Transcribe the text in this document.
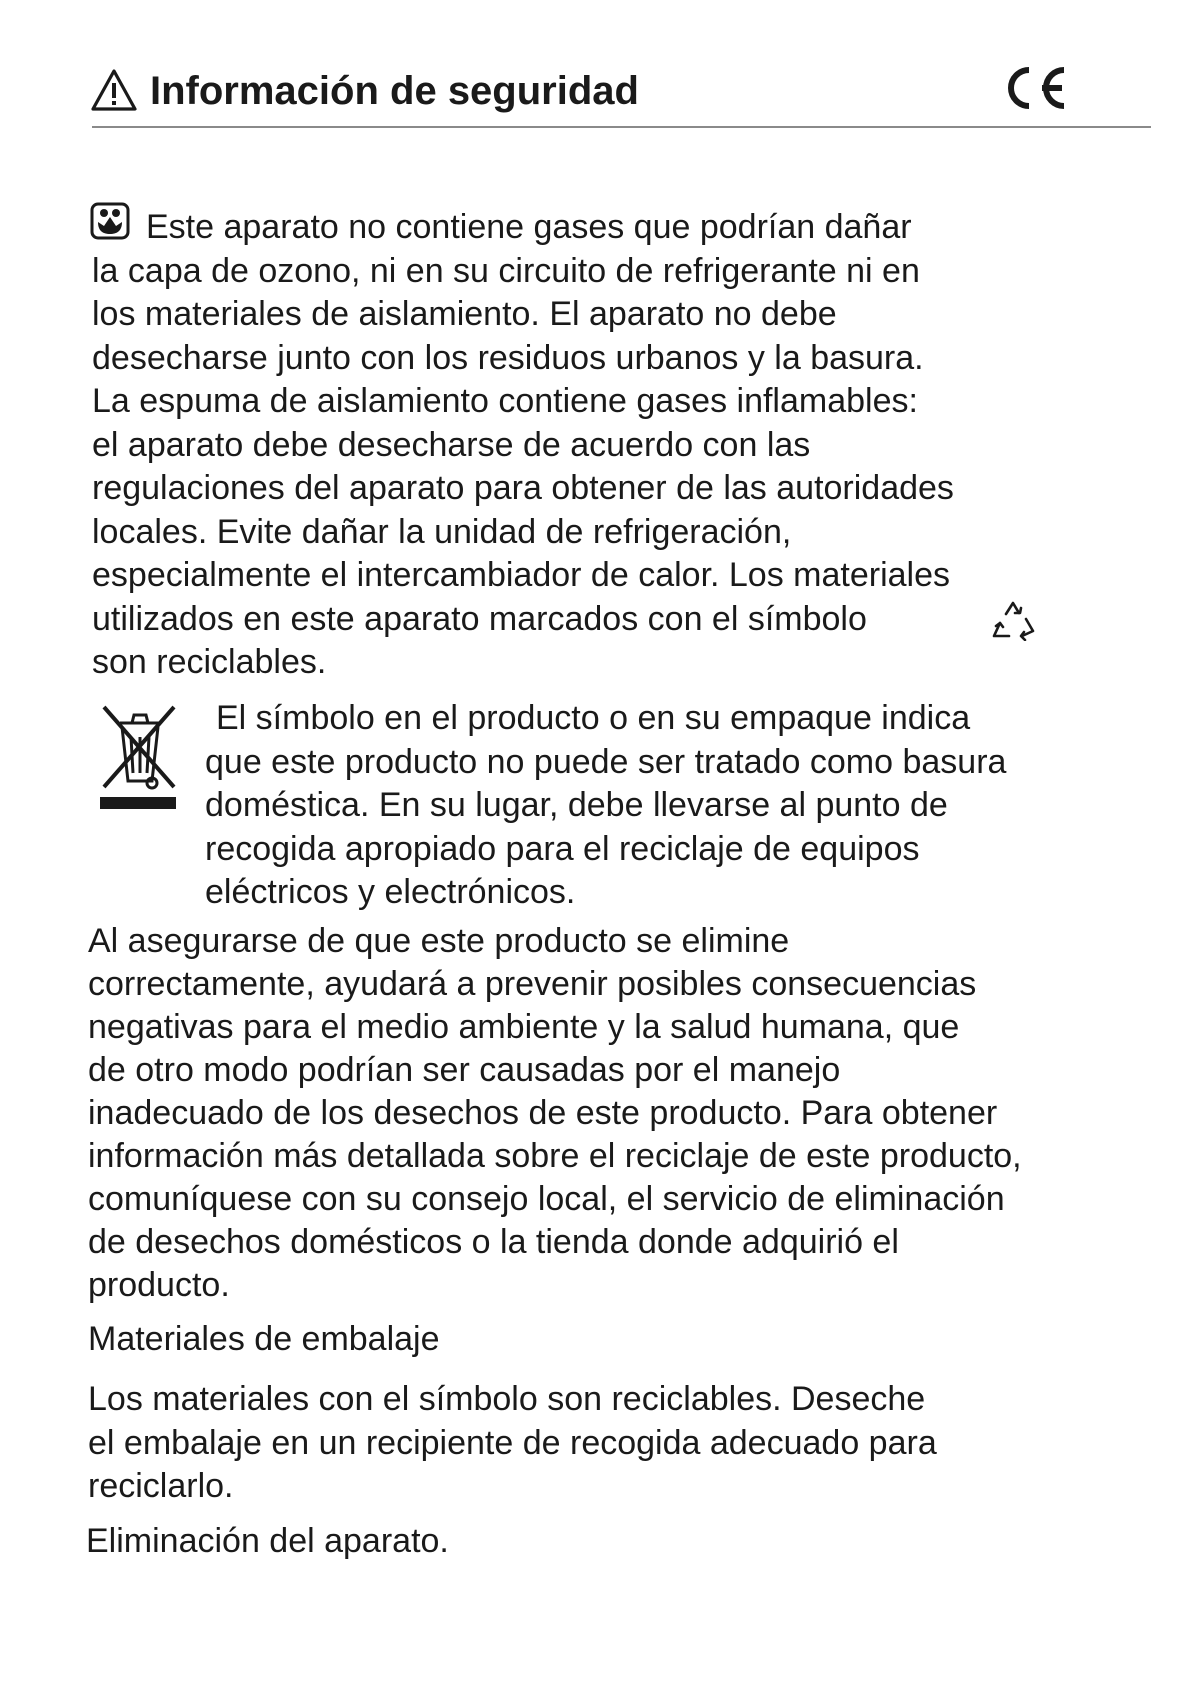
Información de seguridad
Este aparato no contiene gases que podrían dañar
la capa de ozono, ni en su circuito de refrigerante ni en
los materiales de aislamiento. El aparato no debe
desecharse junto con los residuos urbanos y la basura.
La espuma de aislamiento contiene gases inflamables:
el aparato debe desecharse de acuerdo con las
regulaciones del aparato para obtener de las autoridades
locales. Evite dañar la unidad de refrigeración,
especialmente el intercambiador de calor. Los materiales
utilizados en este aparato marcados con el símbolo
son reciclables.
El símbolo en el producto o en su empaque indica
que este producto no puede ser tratado como basura
doméstica. En su lugar, debe llevarse al punto de
recogida apropiado para el reciclaje de equipos
eléctricos y electrónicos.
Al asegurarse de que este producto se elimine
correctamente, ayudará a prevenir posibles consecuencias
negativas para el medio ambiente y la salud humana, que
de otro modo podrían ser causadas por el manejo
inadecuado de los desechos de este producto. Para obtener
información más detallada sobre el reciclaje de este producto,
comuníquese con su consejo local, el servicio de eliminación
de desechos domésticos o la tienda donde adquirió el
producto.
Materiales de embalaje
Los materiales con el símbolo son reciclables. Deseche
el embalaje en un recipiente de recogida adecuado para
reciclarlo.
Eliminación del aparato.
